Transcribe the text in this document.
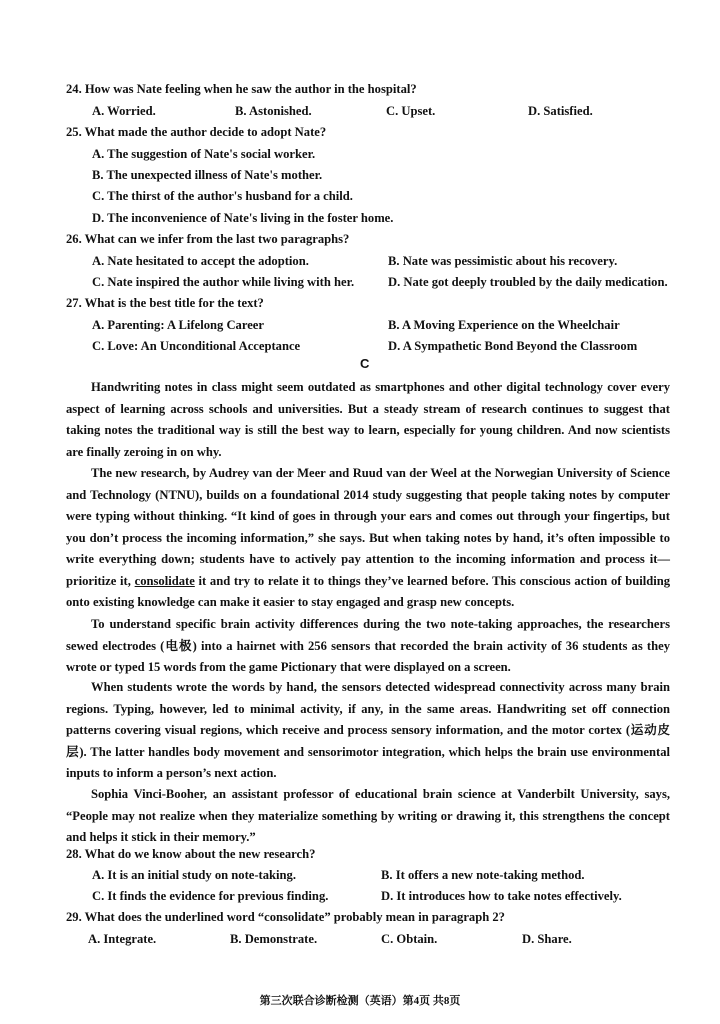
24. How was Nate feeling when he saw the author in the hospital?
A. Worried.	B. Astonished.	C. Upset.	D. Satisfied.
25. What made the author decide to adopt Nate?
A. The suggestion of Nate's social worker.
B. The unexpected illness of Nate's mother.
C. The thirst of the author's husband for a child.
D. The inconvenience of Nate's living in the foster home.
26. What can we infer from the last two paragraphs?
A. Nate hesitated to accept the adoption.	B. Nate was pessimistic about his recovery.
C. Nate inspired the author while living with her.	D. Nate got deeply troubled by the daily medication.
27. What is the best title for the text?
A. Parenting: A Lifelong Career	B. A Moving Experience on the Wheelchair
C. Love: An Unconditional Acceptance	D. A Sympathetic Bond Beyond the Classroom
C

Handwriting notes in class might seem outdated as smartphones and other digital technology cover every aspect of learning across schools and universities. But a steady stream of research continues to suggest that taking notes the traditional way is still the best way to learn, especially for young children. And now scientists are finally zeroing in on why.

The new research, by Audrey van der Meer and Ruud van der Weel at the Norwegian University of Science and Technology (NTNU), builds on a foundational 2014 study suggesting that people taking notes by computer were typing without thinking. “It kind of goes in through your ears and comes out through your fingertips, but you don’t process the incoming information,” she says. But when taking notes by hand, it’s often impossible to write everything down; students have to actively pay attention to the incoming information and process it—prioritize it, consolidate it and try to relate it to things they’ve learned before. This conscious action of building onto existing knowledge can make it easier to stay engaged and grasp new concepts.

To understand specific brain activity differences during the two note-taking approaches, the researchers sewed electrodes (电极) into a hairnet with 256 sensors that recorded the brain activity of 36 students as they wrote or typed 15 words from the game Pictionary that were displayed on a screen.

When students wrote the words by hand, the sensors detected widespread connectivity across many brain regions. Typing, however, led to minimal activity, if any, in the same areas. Handwriting set off connection patterns covering visual regions, which receive and process sensory information, and the motor cortex (运动皮层). The latter handles body movement and sensorimotor integration, which helps the brain use environmental inputs to inform a person’s next action.

Sophia Vinci-Booher, an assistant professor of educational brain science at Vanderbilt University, says, “People may not realize when they materialize something by writing or drawing it, this strengthens the concept and helps it stick in their memory.”

28. What do we know about the new research?
A. It is an initial study on note-taking.	B. It offers a new note-taking method.
C. It finds the evidence for previous finding.	D. It introduces how to take notes effectively.
29. What does the underlined word “consolidate” probably mean in paragraph 2?
A. Integrate.	B. Demonstrate.	C. Obtain.	D. Share.
第三次联合诊断检测（英语）第4页 共8页
